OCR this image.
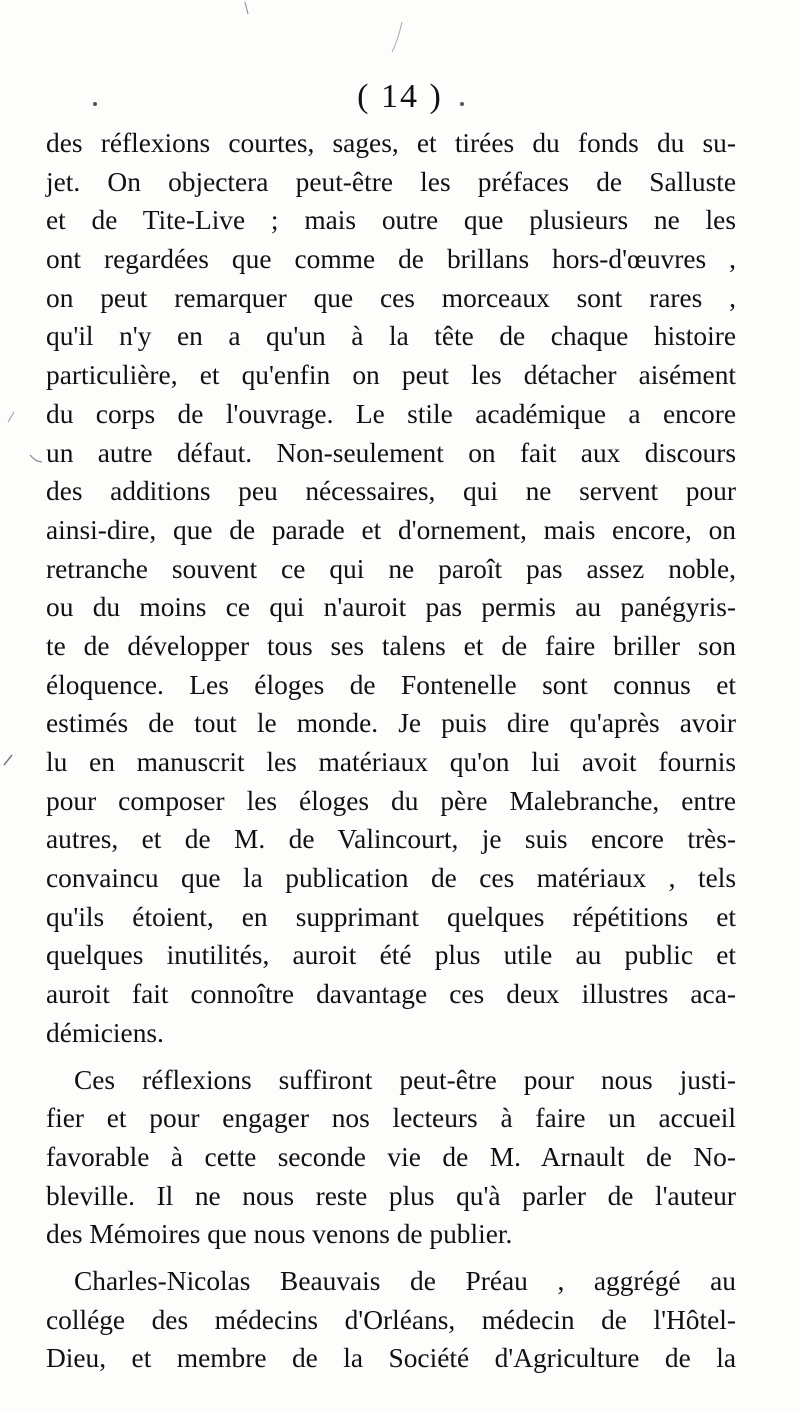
( 14 )
des réflexions courtes, sages, et tirées du fonds du su-
jet. On objectera peut-être les préfaces de Salluste
et de Tite-Live ; mais outre que plusieurs ne les
ont regardées que comme de brillans hors-d'œuvres ,
on peut remarquer que ces morceaux sont rares ,
qu'il n'y en a qu'un à la tête de chaque histoire
particulière, et qu'enfin on peut les détacher aisément
du corps de l'ouvrage. Le stile académique a encore
un autre défaut. Non-seulement on fait aux discours
des additions peu nécessaires, qui ne servent pour
ainsi-dire, que de parade et d'ornement, mais encore, on
retranche souvent ce qui ne paroît pas assez noble,
ou du moins ce qui n'auroit pas permis au panégyris-
te de développer tous ses talens et de faire briller son
éloquence. Les éloges de Fontenelle sont connus et
estimés de tout le monde. Je puis dire qu'après avoir
lu en manuscrit les matériaux qu'on lui avoit fournis
pour composer les éloges du père Malebranche, entre
autres, et de M. de Valincourt, je suis encore très-
convaincu que la publication de ces matériaux , tels
qu'ils étoient, en supprimant quelques répétitions et
quelques inutilités, auroit été plus utile au public et
auroit fait connoître davantage ces deux illustres aca-
démiciens.
Ces réflexions suffiront peut-être pour nous justi-
fier et pour engager nos lecteurs à faire un accueil
favorable à cette seconde vie de M. Arnault de No-
bleville. Il ne nous reste plus qu'à parler de l'auteur
des Mémoires que nous venons de publier.
Charles-Nicolas Beauvais de Préau , aggrégé au
collége des médecins d'Orléans, médecin de l'Hôtel-
Dieu, et membre de la Société d'Agriculture de la
